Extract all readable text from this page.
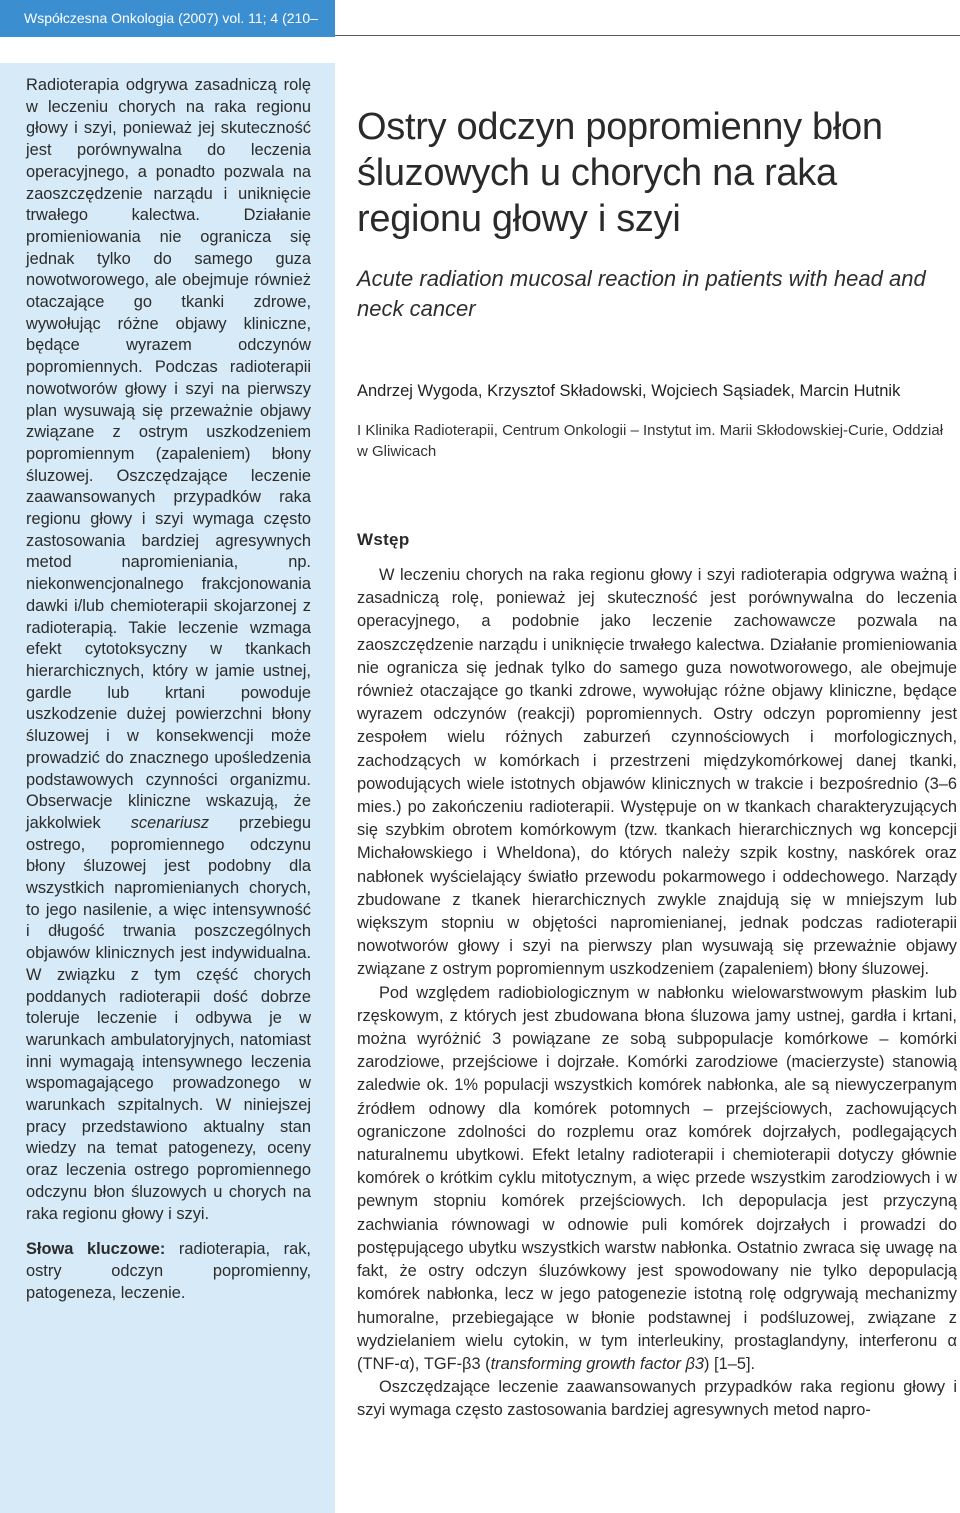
Współczesna Onkologia (2007) vol. 11; 4 (210–219)

Radioterapia odgrywa zasadniczą rolę w leczeniu chorych na raka regionu głowy i szyi, ponieważ jej skuteczność jest porównywalna do leczenia operacyjnego, a ponadto pozwala na zaoszczędzenie narządu i uniknięcie trwałego kalectwa. Działanie promieniowania nie ogranicza się jednak tylko do samego guza nowotworowego, ale obejmuje również otaczające go tkanki zdrowe, wywołując różne objawy kliniczne, będące wyrazem odczynów popromiennych. Podczas radioterapii nowotworów głowy i szyi na pierwszy plan wysuwają się przeważnie objawy związane z ostrym uszkodzeniem popromiennym (zapaleniem) błony śluzowej. Oszczędzające leczenie zaawansowanych przypadków raka regionu głowy i szyi wymaga często zastosowania bardziej agresywnych metod napromieniania, np. niekonwencjonalnego frakcjonowania dawki i/lub chemioterapii skojarzonej z radioterapią. Takie leczenie wzmaga efekt cytotoksyczny w tkankach hierarchicznych, który w jamie ustnej, gardle lub krtani powoduje uszkodzenie dużej powierzchni błony śluzowej i w konsekwencji może prowadzić do znacznego upośledzenia podstawowych czynności organizmu. Obserwacje kliniczne wskazują, że jakkolwiek scenariusz przebiegu ostrego, popromiennego odczynu błony śluzowej jest podobny dla wszystkich napromienianych chorych, to jego nasilenie, a więc intensywność i długość trwania poszczególnych objawów klinicznych jest indywidualna. W związku z tym część chorych poddanych radioterapii dość dobrze toleruje leczenie i odbywa je w warunkach ambulatoryjnych, natomiast inni wymagają intensywnego leczenia wspomagającego prowadzonego w warunkach szpitalnych. W niniejszej pracy przedstawiono aktualny stan wiedzy na temat patogenezy, oceny oraz leczenia ostrego popromiennego odczynu błon śluzowych u chorych na raka regionu głowy i szyi.

Słowa kluczowe: radioterapia, rak, ostry odczyn popromienny, patogeneza, leczenie.

Ostry odczyn popromienny błon śluzowych u chorych na raka regionu głowy i szyi

Acute radiation mucosal reaction in patients with head and neck cancer

Andrzej Wygoda, Krzysztof Składowski, Wojciech Sąsiadek, Marcin Hutnik

I Klinika Radioterapii, Centrum Onkologii – Instytut im. Marii Skłodowskiej-Curie, Oddział w Gliwicach

Wstęp

W leczeniu chorych na raka regionu głowy i szyi radioterapia odgrywa ważną i zasadniczą rolę, ponieważ jej skuteczność jest porównywalna do leczenia operacyjnego, a podobnie jako leczenie zachowawcze pozwala na zaoszczędzenie narządu i uniknięcie trwałego kalectwa. Działanie promieniowania nie ogranicza się jednak tylko do samego guza nowotworowego, ale obejmuje również otaczające go tkanki zdrowe, wywołując różne objawy kliniczne, będące wyrazem odczynów (reakcji) popromiennych. Ostry odczyn popromienny jest zespołem wielu różnych zaburzeń czynnościowych i morfologicznych, zachodzących w komórkach i przestrzeni międzykomórkowej danej tkanki, powodujących wiele istotnych objawów klinicznych w trakcie i bezpośrednio (3–6 mies.) po zakończeniu radioterapii. Występuje on w tkankach charakteryzujących się szybkim obrotem komórkowym (tzw. tkankach hierarchicznych wg koncepcji Michałowskiego i Wheldona), do których należy szpik kostny, naskórek oraz nabłonek wyścielający światło przewodu pokarmowego i oddechowego. Narządy zbudowane z tkanek hierarchicznych zwykle znajdują się w mniejszym lub większym stopniu w objętości napromienianej, jednak podczas radioterapii nowotworów głowy i szyi na pierwszy plan wysuwają się przeważnie objawy związane z ostrym popromiennym uszkodzeniem (zapaleniem) błony śluzowej.

Pod względem radiobiologicznym w nabłonku wielowarstwowym płaskim lub rzęskowym, z których jest zbudowana błona śluzowa jamy ustnej, gardła i krtani, można wyróżnić 3 powiązane ze sobą subpopulacje komórkowe – komórki zarodziowe, przejściowe i dojrzałe. Komórki zarodziowe (macierzyste) stanowią zaledwie ok. 1% populacji wszystkich komórek nabłonka, ale są niewyczerpanym źródłem odnowy dla komórek potomnych – przejściowych, zachowujących ograniczone zdolności do rozplemu oraz komórek dojrzałych, podlegających naturalnemu ubytkowi. Efekt letalny radioterapii i chemioterapii dotyczy głównie komórek o krótkim cyklu mitotycznym, a więc przede wszystkim zarodziowych i w pewnym stopniu komórek przejściowych. Ich depopulacja jest przyczyną zachwiania równowagi w odnowie puli komórek dojrzałych i prowadzi do postępującego ubytku wszystkich warstw nabłonka. Ostatnio zwraca się uwagę na fakt, że ostry odczyn śluzówkowy jest spowodowany nie tylko depopulacją komórek nabłonka, lecz w jego patogenezie istotną rolę odgrywają mechanizmy humoralne, przebiegające w błonie podstawnej i podśluzowej, związane z wydzielaniem wielu cytokin, w tym interleukiny, prostaglandyny, interferonu α (TNF-α), TGF-β3 (transforming growth factor β3) [1–5].

Oszczędzające leczenie zaawansowanych przypadków raka regionu głowy i szyi wymaga często zastosowania bardziej agresywnych metod napro-
